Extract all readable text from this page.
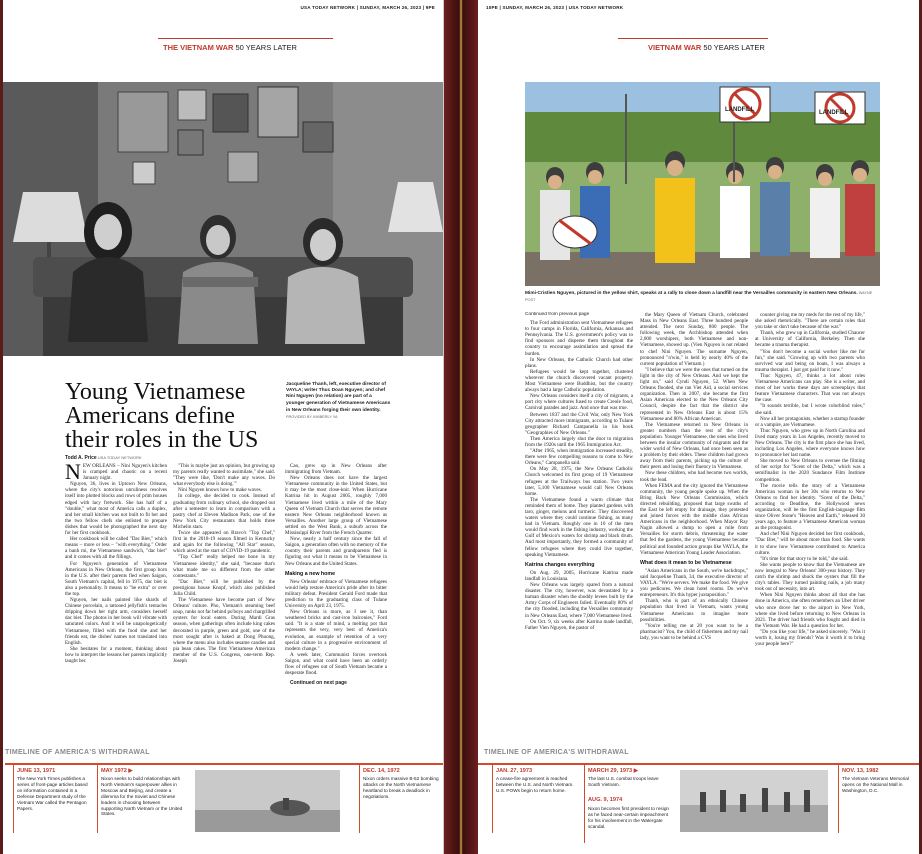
USA TODAY NETWORK | SUNDAY, MARCH 26, 2023 | 9PE
THE VIETNAM WAR 50 YEARS LATER
Young Vietnamese Americans define their roles in the US
Jacqueline Thanh, left, executive director of VAYLA; writer Thuc Doan Nguyen; and chef Nini Nguyen (no relation) are part of a younger generation of Vietnamese Americans in New Orleans forging their own identity. PROVIDED BY KIMBERLY YA
Todd A. Price USA TODAY NETWORK

NEW ORLEANS – Nini Nguyen's kitchen is cramped and chaotic on a recent January night.

Nguyen, 36, lives in Uptown New Orleans, where the city's notorious unruliness resolves itself into plotted blocks and rows of prim houses edged with lacy fretwork. She has half of a "double," what most of America calls a duplex, and her small kitchen was not built to fit her and the two fellow chefs she enlisted to prepare dishes that would be photographed the next day for her first cookbook.

Her cookbook will be called "Dac Biet," which means – more or less – "with everything." Order a banh mi, the Vietnamese sandwich, "dac biet" and it comes with all the fillings.

For Nguyen's generation of Vietnamese Americans in New Orleans, the first group born in the U.S. after their parents fled when Saigon, South Vietnam's capital, fell in 1975, dac biet is also a personality. It means to "be extra" or over the top.

Nguyen, her nails painted like shards of Chinese porcelain, a tattooed jellyfish's tentacles dripping down her right arm, considers herself dac biet. The photos in her book will vibrate with saturated colors. And it will be unapologetically Vietnamese, filled with the food she and her friends eat, the dishes' names not translated into English.

She hesitates for a moment, thinking about how to interpret the lessons her parents implicitly taught her.

"This is maybe just an opinion, but growing up my parents really wanted to assimilate," she said. "They were like, 'Don't make any waves. Do what everybody else is doing.'"

Nini Nguyen knows how to make waves.

In college, she decided to cook. Instead of graduating from culinary school, she dropped out after a semester to learn in comparison with a pastry chef at Eleven Madison Park, one of the New York City restaurants that holds three Michelin stars.

Twice she appeared on Bravo's "Top Chef," first in the 2018-19 season filmed in Kentucky and again for the following "All Star" season, which aired at the start of COVID-19 pandemic.

"Top Chef" really helped me hone in my Vietnamese identity," she said, "because that's what made me so different from the other contestants."

"Dac Biet," will be published by the prestigious house Knopf, which also published Julia Child.

The Vietnamese have become part of New Orleans' culture. Pho, Vietnam's steaming beef soup, ranks not far behind po'boys and chargrilled oysters for local eaters. During Mardi Gras season, when gatherings often include king cakes decorated in purple, green and gold, one of the most sought after is baked at Dong Phuong, where the menu also includes sesame candies and pia bean cakes. The first Vietnamese American member of the U.S. Congress, one-term Rep. Joseph

Cao, grew up in New Orleans after immigrating from Vietnam.

New Orleans does not have the largest Vietnamese community in the United States, but it may be the most close-knit. When Hurricane Katrina hit in August 2005, roughly 7,000 Vietnamese lived within a mile of the Mary Queen of Vietnam Church that serves the remote eastern New Orleans neighborhood known as Versailles. Another large group of Vietnamese settled on the West Bank, a suburb across the Mississippi River from the French Quarter.

Now, nearly a half century since the fall of Saigon, a generation often with no memory of the country their parents and grandparents fled is figuring out what it means to be Vietnamese in New Orleans and the United States.

Making a new home

New Orleans' embrace of Vietnamese refugees would help restore America's pride after its bitter military defeat. President Gerald Ford made that prediction to the graduating class of Tulane University on April 23, 1975.

New Orleans is more, as I see it, than weathered bricks and cast-iron balconies," Ford said. "It is a state of mind, a melting pot that represents the very, very best of America's evolution, an example of retention of a very special culture in a progressive environment of modern change."

A week later, Communist forces overtook Saigon, and what could have been an orderly flow of refugees out of South Vietnam became a desperate flood.

Continued on next page

TIMELINE OF AMERICA'S WITHDRAWAL
JUNE 13, 1971
The New York Times publishes a series of front-page articles based on information contained in a Defense Department study of the Vietnam War called the Pentagon Papers.
MAY 1972 ▶
Nixon seeks to build relationships with North Vietnam's superpower allies in Moscow and Beijing, and create a dilemma for the Soviet and Chinese leaders in choosing between supporting North Vietnam or the United States.
DEC. 14, 1972
Nixon orders massive B-52 bombing attacks on the North Vietnamese heartland to break a deadlock in negotiations.
10PE | SUNDAY, MARCH 26, 2023 | USA TODAY NETWORK
VIETNAM WAR 50 YEARS LATER
LANDFILL	LANDFILL
Mimi-Cristien Nguyen, pictured in the yellow shirt, speaks at a rally to close down a landfill near the Versailles community in eastern New Orleans. WAYNE POST

Continued from previous page

The Ford administration sent Vietnamese refugees to four camps in Florida, California, Arkansas and Pennsylvania. The U.S. government's policy was to find sponsors and disperse them throughout the country to encourage assimilation and spread the burden.

In New Orleans, the Catholic Church had other plans.

Refugees would be kept together, clustered wherever the church discovered vacant property. Most Vietnamese were Buddhist, but the country always had a large Catholic population.

New Orleans considers itself a city of migrants, a port city where cultures fused to create Creole food, Carnival parades and jazz. And once that was true.

Between 1837 and the Civil War, only New York City attracted more immigrants, according to Tulane geographer Richard Campanella in his book "Geographies of New Orleans."

Then America largely shut the door to migration from the 1920s until the 1965 Immigration Act.

"After 1965, when immigration increased steadily, there were few compelling reasons to come to New Orleans," Campanella said.

On May 28, 1975, the New Orleans Catholic Church welcomed its first group of 19 Vietnamese refugees at the Trailways bus station. Two years later, 5,100 Vietnamese would call New Orleans home.

The Vietnamese found a warm climate that reminded them of home. They planted gardens with taro, ginger, melons and turmeric. They discovered waters where they could continue fishing, as many had in Vietnam. Roughly one in 10 of the men would find work in the fishing industry, working the Gulf of Mexico's waters for shrimp and black drum. And most importantly, they formed a community of fellow refugees where they could live together, speaking Vietnamese.

Katrina changes everything

On Aug. 29, 2005, Hurricane Katrina made landfall in Louisiana.

New Orleans was largely spared from a natural disaster. The city, however, was devastated by a human disaster when the shoddy levees built by the Army Corps of Engineers failed. Eventually 80% of the city flooded, including the Versailles community in New Orleans East, where 7,000 Vietnamese lived.

On Oct. 9, six weeks after Katrina made landfall, Father Vien Nguyen, the pastor of

the Mary Queen of Vietnam Church, celebrated Mass in New Orleans East. Three hundred people attended. The next Sunday, 800 people. The following week, the Archbishop attended when 2,000 worshipers, both Vietnamese and non-Vietnamese, showed up. (Vien Nguyen is not related to chef Nini Nguyen. The surname Nguyen, pronounced "n'win," is held by nearly 40% of the current population of Vietnam.)

"I believe that we were the ones that turned on the light in the city of New Orleans. And we kept the light on," said Cyndi Nguyen, 52. When New Orleans flooded, she ran Viet Aid, a social services organization. Then in 2007, she became the first Asian American elected to the New Orleans City Council, despite the fact that the district she represented in New Orleans East is about 15% Vietnamese and 80% African American.

The Vietnamese returned to New Orleans in greater numbers than the rest of the city's population. Younger Vietnamese, the ones who lived between the insular community of migrants and the wider world of New Orleans, had once been seen as a problem by their elders. These children had grown away from their parents, picking up the culture of their peers and losing their fluency in Vietnamese.

Now these children, who had become two worlds, took the lead.

When FEMA and the city ignored the Vietnamese community, the young people spoke up. When the Bring Back New Orleans Commission, which directed rebuilding, proposed that large swaths of the East be left empty for drainage, they protested and joined forces with the middle class African Americans in the neighborhood. When Mayor Ray Nagin allowed a dump to open a mile from Versailles for storm debris, threatening the water that fed the gardens, the young Vietnamese became political and founded action groups like VAYLA, the Vietnamese American Young Leader Association.

What does it mean to be Vietnamese

"Asian Americans in the South, we're backdrops," said Jacqueline Thanh, 34, the executive director of VAYLA. "We're servers. We make the food. We give you pedicures. We clean hotel rooms. Do we've entrepreneurs. It's this hyper juxtaposition."

Thanh, who is part of an ethnically Chinese population that lived in Vietnam, wants young Vietnamese Americans to imagine more possibilities.

"You're telling me at 20 you want to be a pharmacist? You, the child of fishermen and my nail lady, you want to be behind a CVS

counter giving me my meds for the rest of my life," she asked rhetorically. "There are certain roles that you take or don't take because of the war."

Thanh, who grew up in California, studied Chaucer at University of California, Berkeley. Then she became a trauma therapist.

"You don't become a social worker like me for fun," she said. "Growing up with two parents who survived war and being on boats, I was always a trauma therapist. I just got paid for it now."

Thuc Nguyen, 47, thinks a lot about roles Vietnamese Americans can play. She is a writer, and most of her works these days are screenplays that feature Vietnamese characters. That was not always the case.

"It sounds terrible, but I wrote colorblind roles," she said.

Now all her protagonists, whether a startup founder or a vampire, are Vietnamese.

Thuc Nguyen, who grew up in North Carolina and lived many years in Los Angeles, recently moved to New Orleans. The city is the first place she has lived, including Los Angeles, where everyone knows how to pronounce her last name.

She moved to New Orleans to oversee the filming of her script for "Scent of the Delta," which was a semifinalist in the 2020 Sundance Film Institute competition.

The movie tells the story of a Vietnamese American woman in her 30s who returns to New Orleans to find her identity. "Scent of the Delta," according to Deadline, the Hollywood news organization, will be the first English-language film since Oliver Stone's "Heaven and Earth," released 30 years ago, to feature a Vietnamese American woman as the protagonist.

And chef Nini Nguyen decided her first cookbook, "Dac Biet," will be about more than food. She wants it to show how Vietnamese contributed to America culture.

"It's time for that story to be told," she said.

She wants people to know that the Vietnamese are now integral to New Orleans' 300-year history. They catch the shrimp and shuck the oysters that fill the city's tables. They turned painting nails, a job many took out of necessity, into art.

When Nini Nguyen thinks about all that she has done in America, she often remembers an Uber driver who once drove her to the airport in New York, where she lived before returning to New Orleans in 2021. The driver had friends who fought and died in the Vietnam War. He had a question for her.

"Do you like your life," he asked sincerely. "Was it worth it, losing my friends? Was it worth it to bring your people here?"

TIMELINE OF AMERICA'S WITHDRAWAL
JAN. 27, 1973
A cease-fire agreement is reached between the U.S. and North Vietnam. U.S. POWs begin to return home.
MARCH 29, 1973 ▶
The last U.S. combat troops leave South Vietnam.
AUG. 9, 1974
Nixon becomes first president to resign as he faced near-certain impeachment for his involvement in the Watergate scandal.
NOV. 13, 1982
The Vietnam Veterans Memorial opens on the National Mall in Washington, D.C.
